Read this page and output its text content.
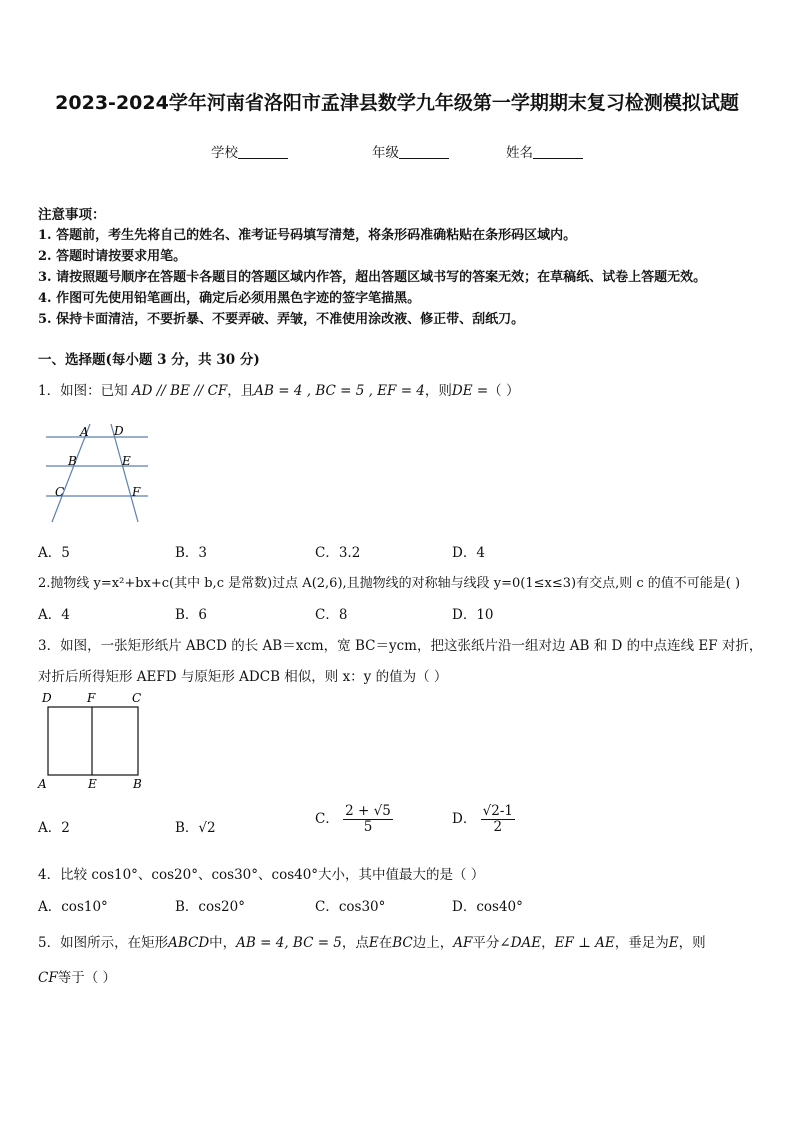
2023-2024学年河南省洛阳市孟津县数学九年级第一学期期末复习检测模拟试题
学校	年级	姓名
注意事项：
1. 答题前，考生先将自己的姓名、准考证号码填写清楚，将条形码准确粘贴在条形码区域内。
2. 答题时请按要求用笔。
3. 请按照题号顺序在答题卡各题目的答题区域内作答，超出答题区域书写的答案无效；在草稿纸、试卷上答题无效。
4. 作图可先使用铅笔画出，确定后必须用黑色字迹的签字笔描黑。
5. 保持卡面清洁，不要折暴、不要弄破、弄皱，不准使用涂改液、修正带、刮纸刀。
一、选择题(每小题 3 分，共 30 分)
1．如图：已知 AD // BE // CF，且AB = 4 , BC = 5 , EF = 4，则DE =（ ）
A D
B	E
C	F
A．5	B．3	C．3.2	D．4
2.抛物线 y=x²+bx+c(其中 b,c 是常数)过点 A(2,6),且抛物线的对称轴与线段 y=0(1≤x≤3)有交点,则 c 的值不可能是( )
A．4	B．6	C．8	D．10
3．如图，一张矩形纸片 ABCD 的长 AB＝xcm，宽 BC＝ycm，把这张纸片沿一组对边 AB 和 D 的中点连线 EF 对折，
对折后所得矩形 AEFD 与原矩形 ADCB 相似，则 x：y 的值为（ ）
D	F	C
A	E	B
A．2	B．√2
C． $\frac{2 + √5}{5}$	D． $\frac{√2-1}{2}$
4．比较 cos10°、cos20°、cos30°、cos40°大小，其中值最大的是（ ）
A．cos10°	B．cos20°	C．cos30°	D．cos40°
5．如图所示，在矩形ABCD中，AB = 4, BC = 5，点E在BC边上，AF平分∠DAE，EF ⊥ AE，垂足为E，则
CF等于（ ）
